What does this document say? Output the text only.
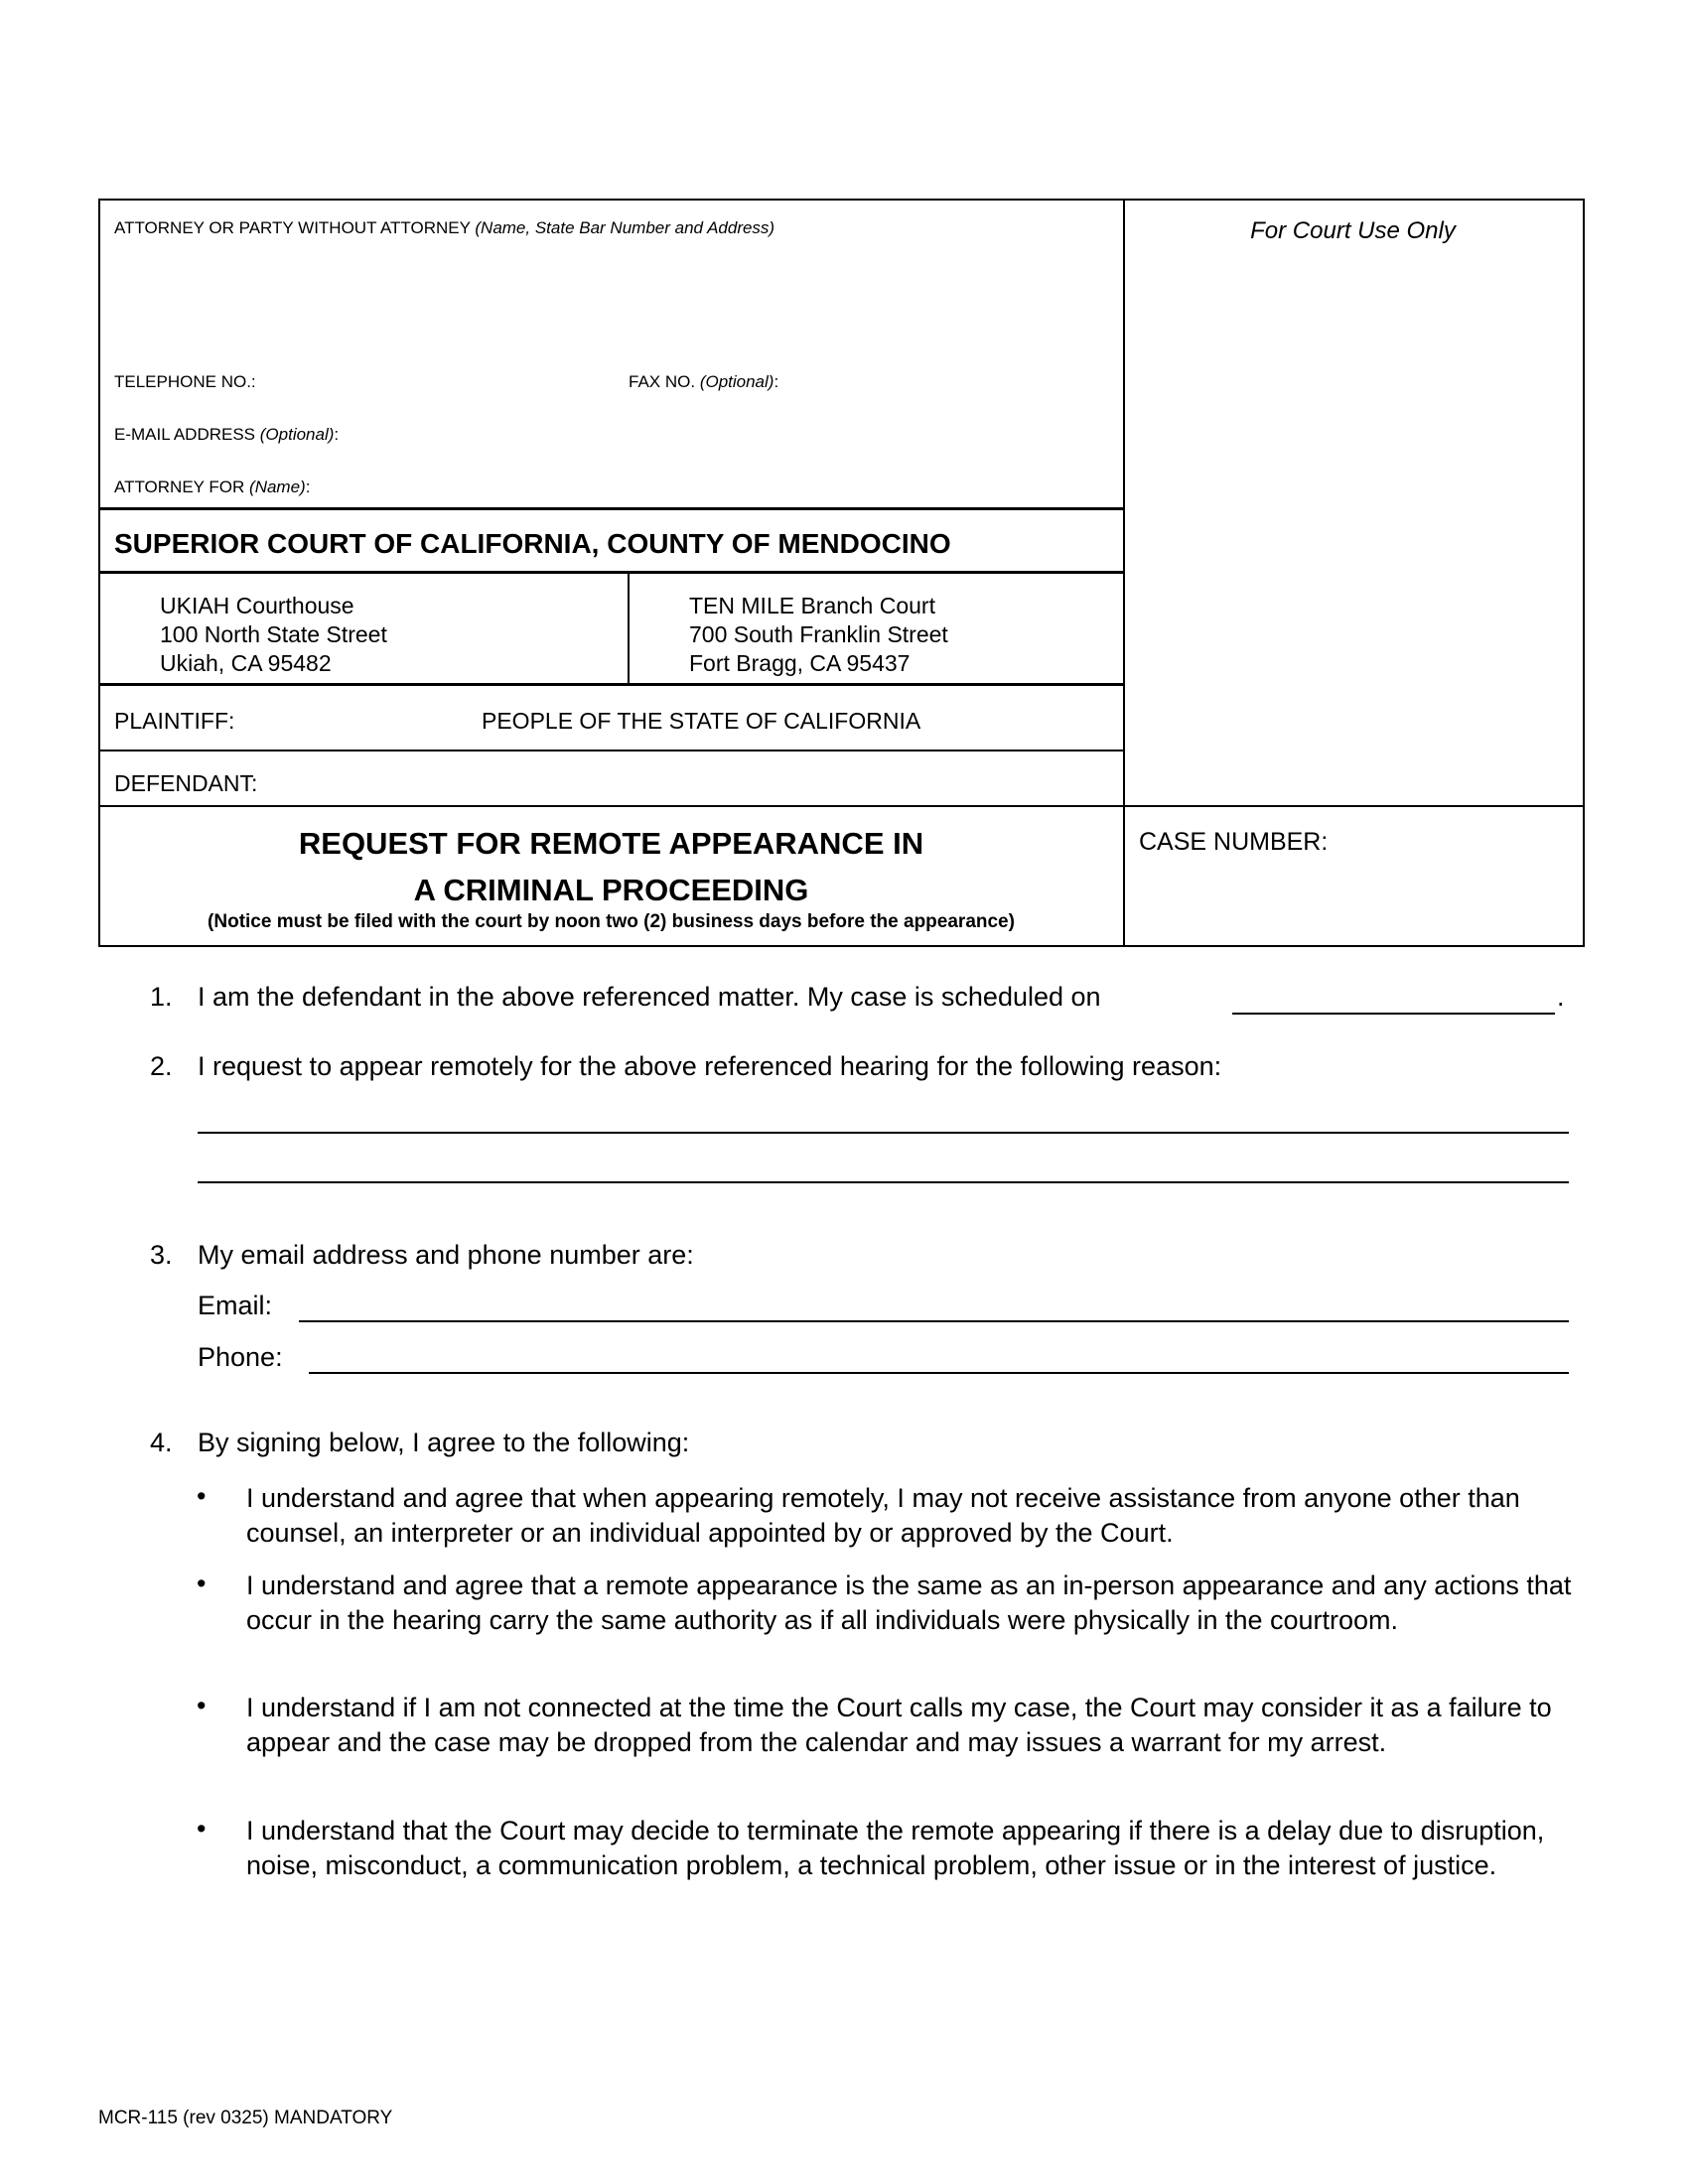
ATTORNEY OR PARTY WITHOUT ATTORNEY (Name, State Bar Number and Address)
TELEPHONE NO.:	FAX NO. (Optional):
E-MAIL ADDRESS (Optional):
ATTORNEY FOR (Name):
For Court Use Only
SUPERIOR COURT OF CALIFORNIA, COUNTY OF MENDOCINO
UKIAH Courthouse
100 North State Street
Ukiah, CA 95482
TEN MILE Branch Court
700 South Franklin Street
Fort Bragg, CA 95437
PLAINTIFF:	PEOPLE OF THE STATE OF CALIFORNIA
DEFENDANT:
REQUEST FOR REMOTE APPEARANCE IN
A CRIMINAL PROCEEDING
(Notice must be filed with the court by noon two (2) business days before the appearance)
CASE NUMBER:
1. I am the defendant in the above referenced matter. My case is scheduled on	.
2. I request to appear remotely for the above referenced hearing for the following reason:
3. My email address and phone number are:
Email:
Phone:
4. By signing below, I agree to the following:
• I understand and agree that when appearing remotely, I may not receive assistance from anyone other than counsel, an interpreter or an individual appointed by or approved by the Court.
• I understand and agree that a remote appearance is the same as an in-person appearance and any actions that occur in the hearing carry the same authority as if all individuals were physically in the courtroom.
• I understand if I am not connected at the time the Court calls my case, the Court may consider it as a failure to appear and the case may be dropped from the calendar and may issues a warrant for my arrest.
• I understand that the Court may decide to terminate the remote appearing if there is a delay due to disruption, noise, misconduct, a communication problem, a technical problem, other issue or in the interest of justice.
MCR-115 (rev 0325) MANDATORY
